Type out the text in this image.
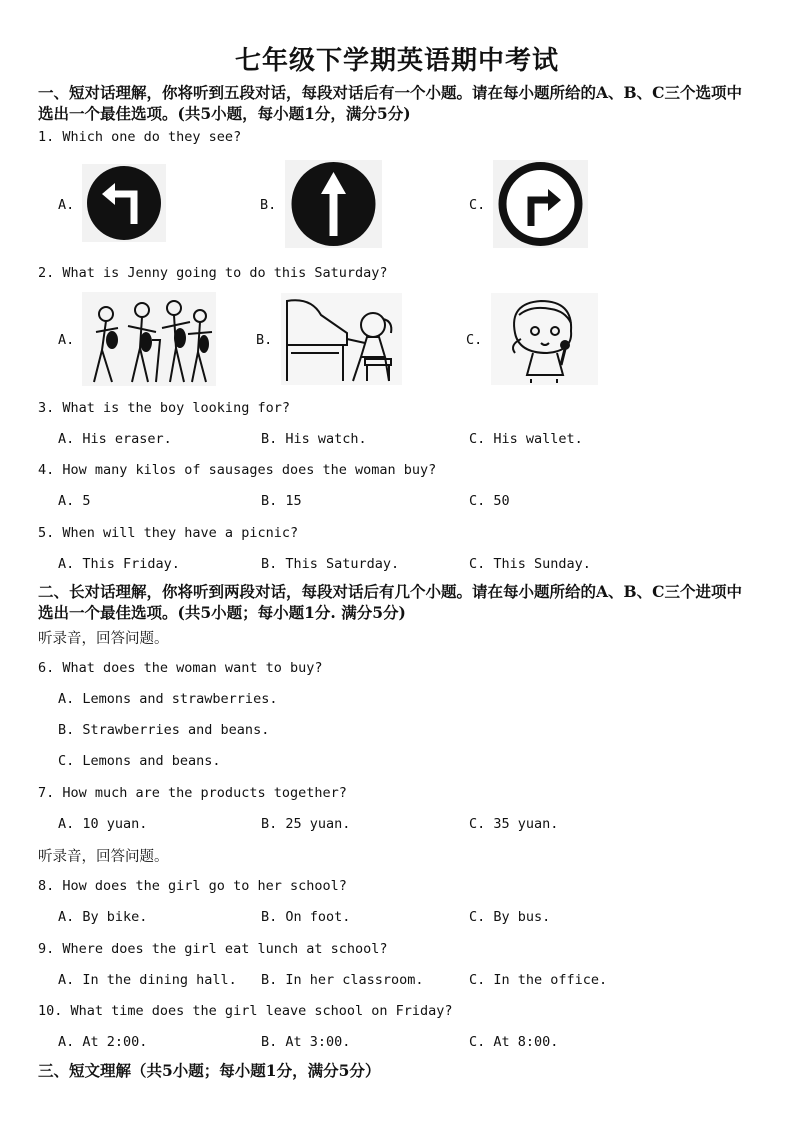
七年级下学期英语期中考试
一、短对话理解，你将听到五段对话，每段对话后有一个小题。请在每小题所给的A、B、C三个选项中
选出一个最佳选项。(共5小题，每小题1分，满分5分)
1. Which one do they see?
A.	B.	C.
2. What is Jenny going to do this Saturday?
A.	B.	C.
3. What is the boy looking for?
A. His eraser.	B. His watch.	C. His wallet.
4. How many kilos of sausages does the woman buy?
A. 5	B. 15	C. 50
5. When will they have a picnic?
A. This Friday.	B. This Saturday.	C. This Sunday.
二、长对话理解，你将听到两段对话，每段对话后有几个小题。请在每小题所给的A、B、C三个进项中
选出一个最佳选项。(共5小题；每小题1分. 满分5分)
听录音，回答问题。
6. What does the woman want to buy?
A. Lemons and strawberries.
B. Strawberries and beans.
C. Lemons and beans.
7. How much are the products together?
A. 10 yuan.	B. 25 yuan.	C. 35 yuan.
听录音，回答问题。
8. How does the girl go to her school?
A. By bike.	B. On foot.	C. By bus.
9. Where does the girl eat lunch at school?
A. In the dining hall. B. In her classroom.	C. In the office.
10. What time does the girl leave school on Friday?
A. At 2:00.	B. At 3:00.	C. At 8:00.
三、短文理解（共5小题；每小题1分，满分5分）
